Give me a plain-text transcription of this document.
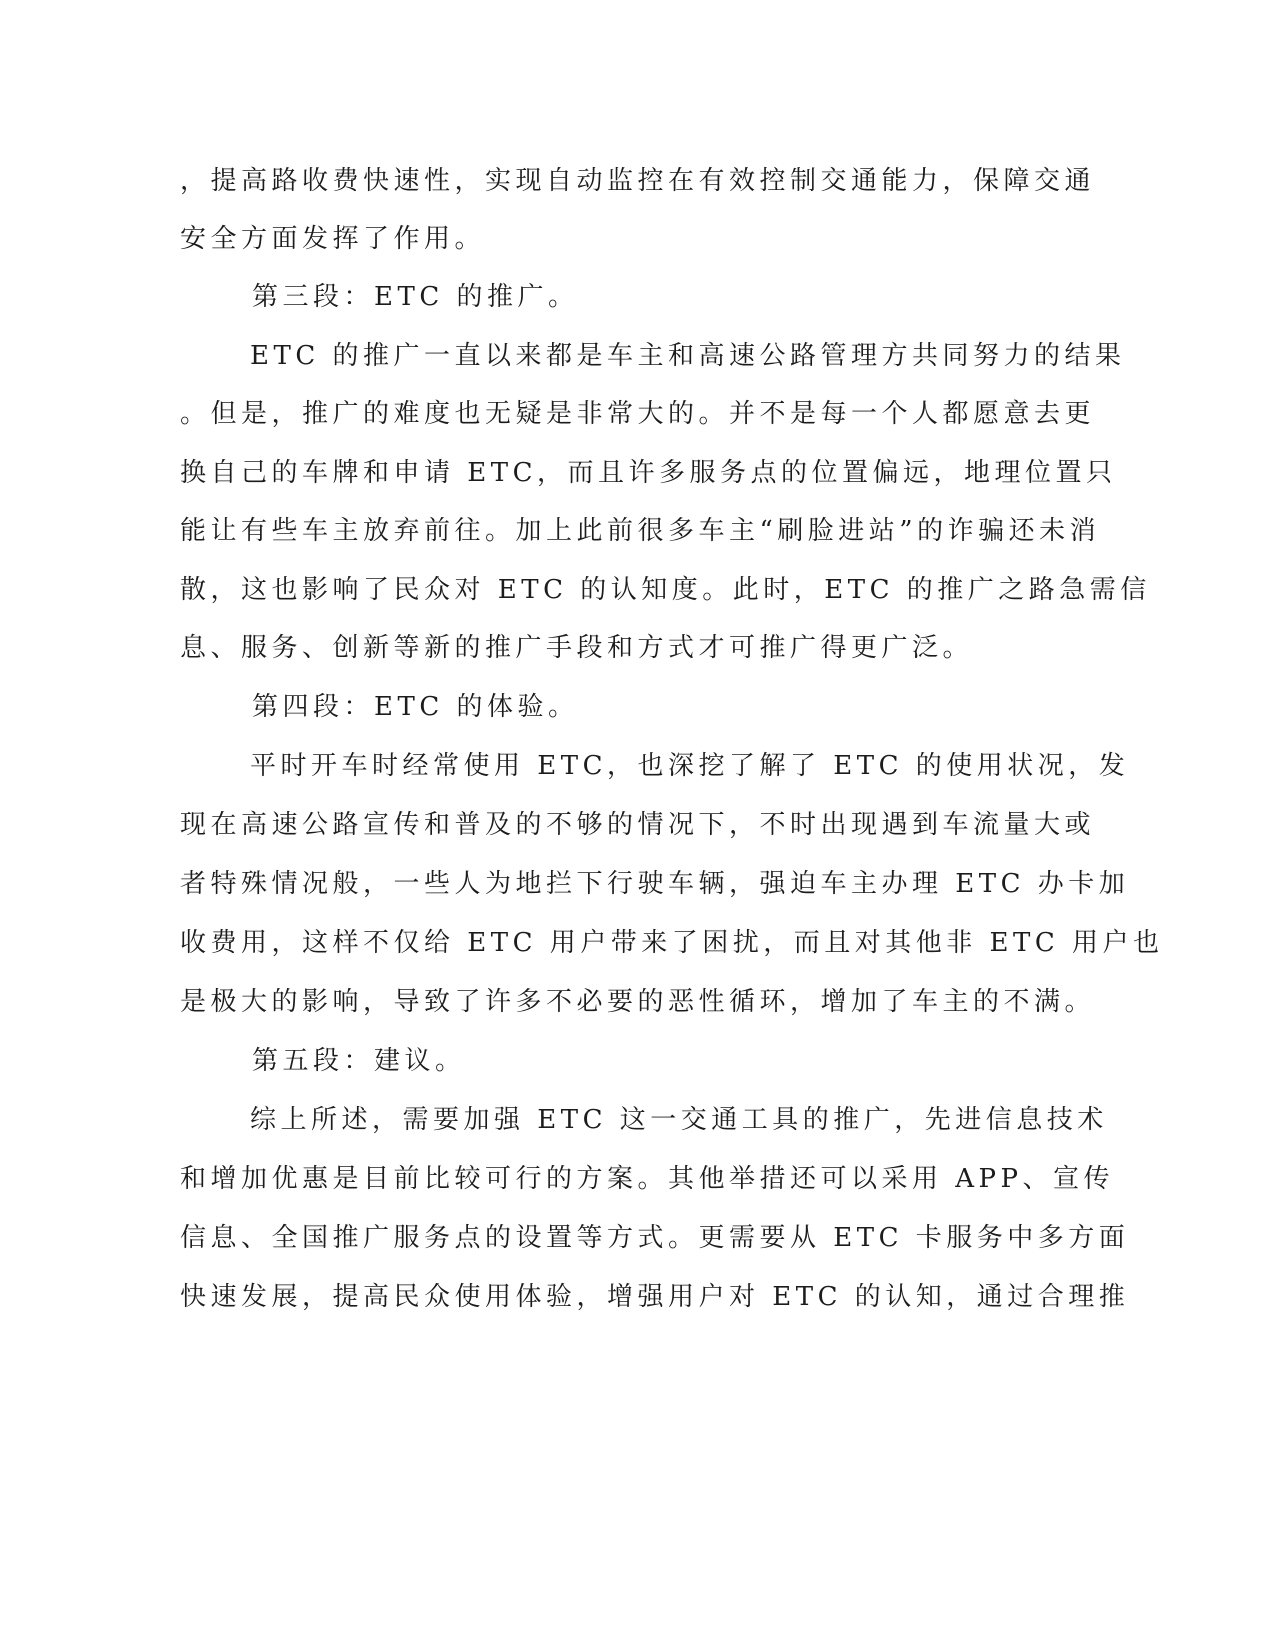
，提高路收费快速性，实现自动监控在有效控制交通能力，保障交通
安全方面发挥了作用。
第三段：ETC 的推广。
ETC 的推广一直以来都是车主和高速公路管理方共同努力的结果
。但是，推广的难度也无疑是非常大的。并不是每一个人都愿意去更
换自己的车牌和申请 ETC，而且许多服务点的位置偏远，地理位置只
能让有些车主放弃前往。加上此前很多车主“刷脸进站”的诈骗还未消
散，这也影响了民众对 ETC 的认知度。此时，ETC 的推广之路急需信
息、服务、创新等新的推广手段和方式才可推广得更广泛。
第四段：ETC 的体验。
平时开车时经常使用 ETC，也深挖了解了 ETC 的使用状况，发
现在高速公路宣传和普及的不够的情况下，不时出现遇到车流量大或
者特殊情况般，一些人为地拦下行驶车辆，强迫车主办理 ETC 办卡加
收费用，这样不仅给 ETC 用户带来了困扰，而且对其他非 ETC 用户也
是极大的影响，导致了许多不必要的恶性循环，增加了车主的不满。
第五段：建议。
综上所述，需要加强 ETC 这一交通工具的推广，先进信息技术
和增加优惠是目前比较可行的方案。其他举措还可以采用 APP、宣传
信息、全国推广服务点的设置等方式。更需要从 ETC 卡服务中多方面
快速发展，提高民众使用体验，增强用户对 ETC 的认知，通过合理推
